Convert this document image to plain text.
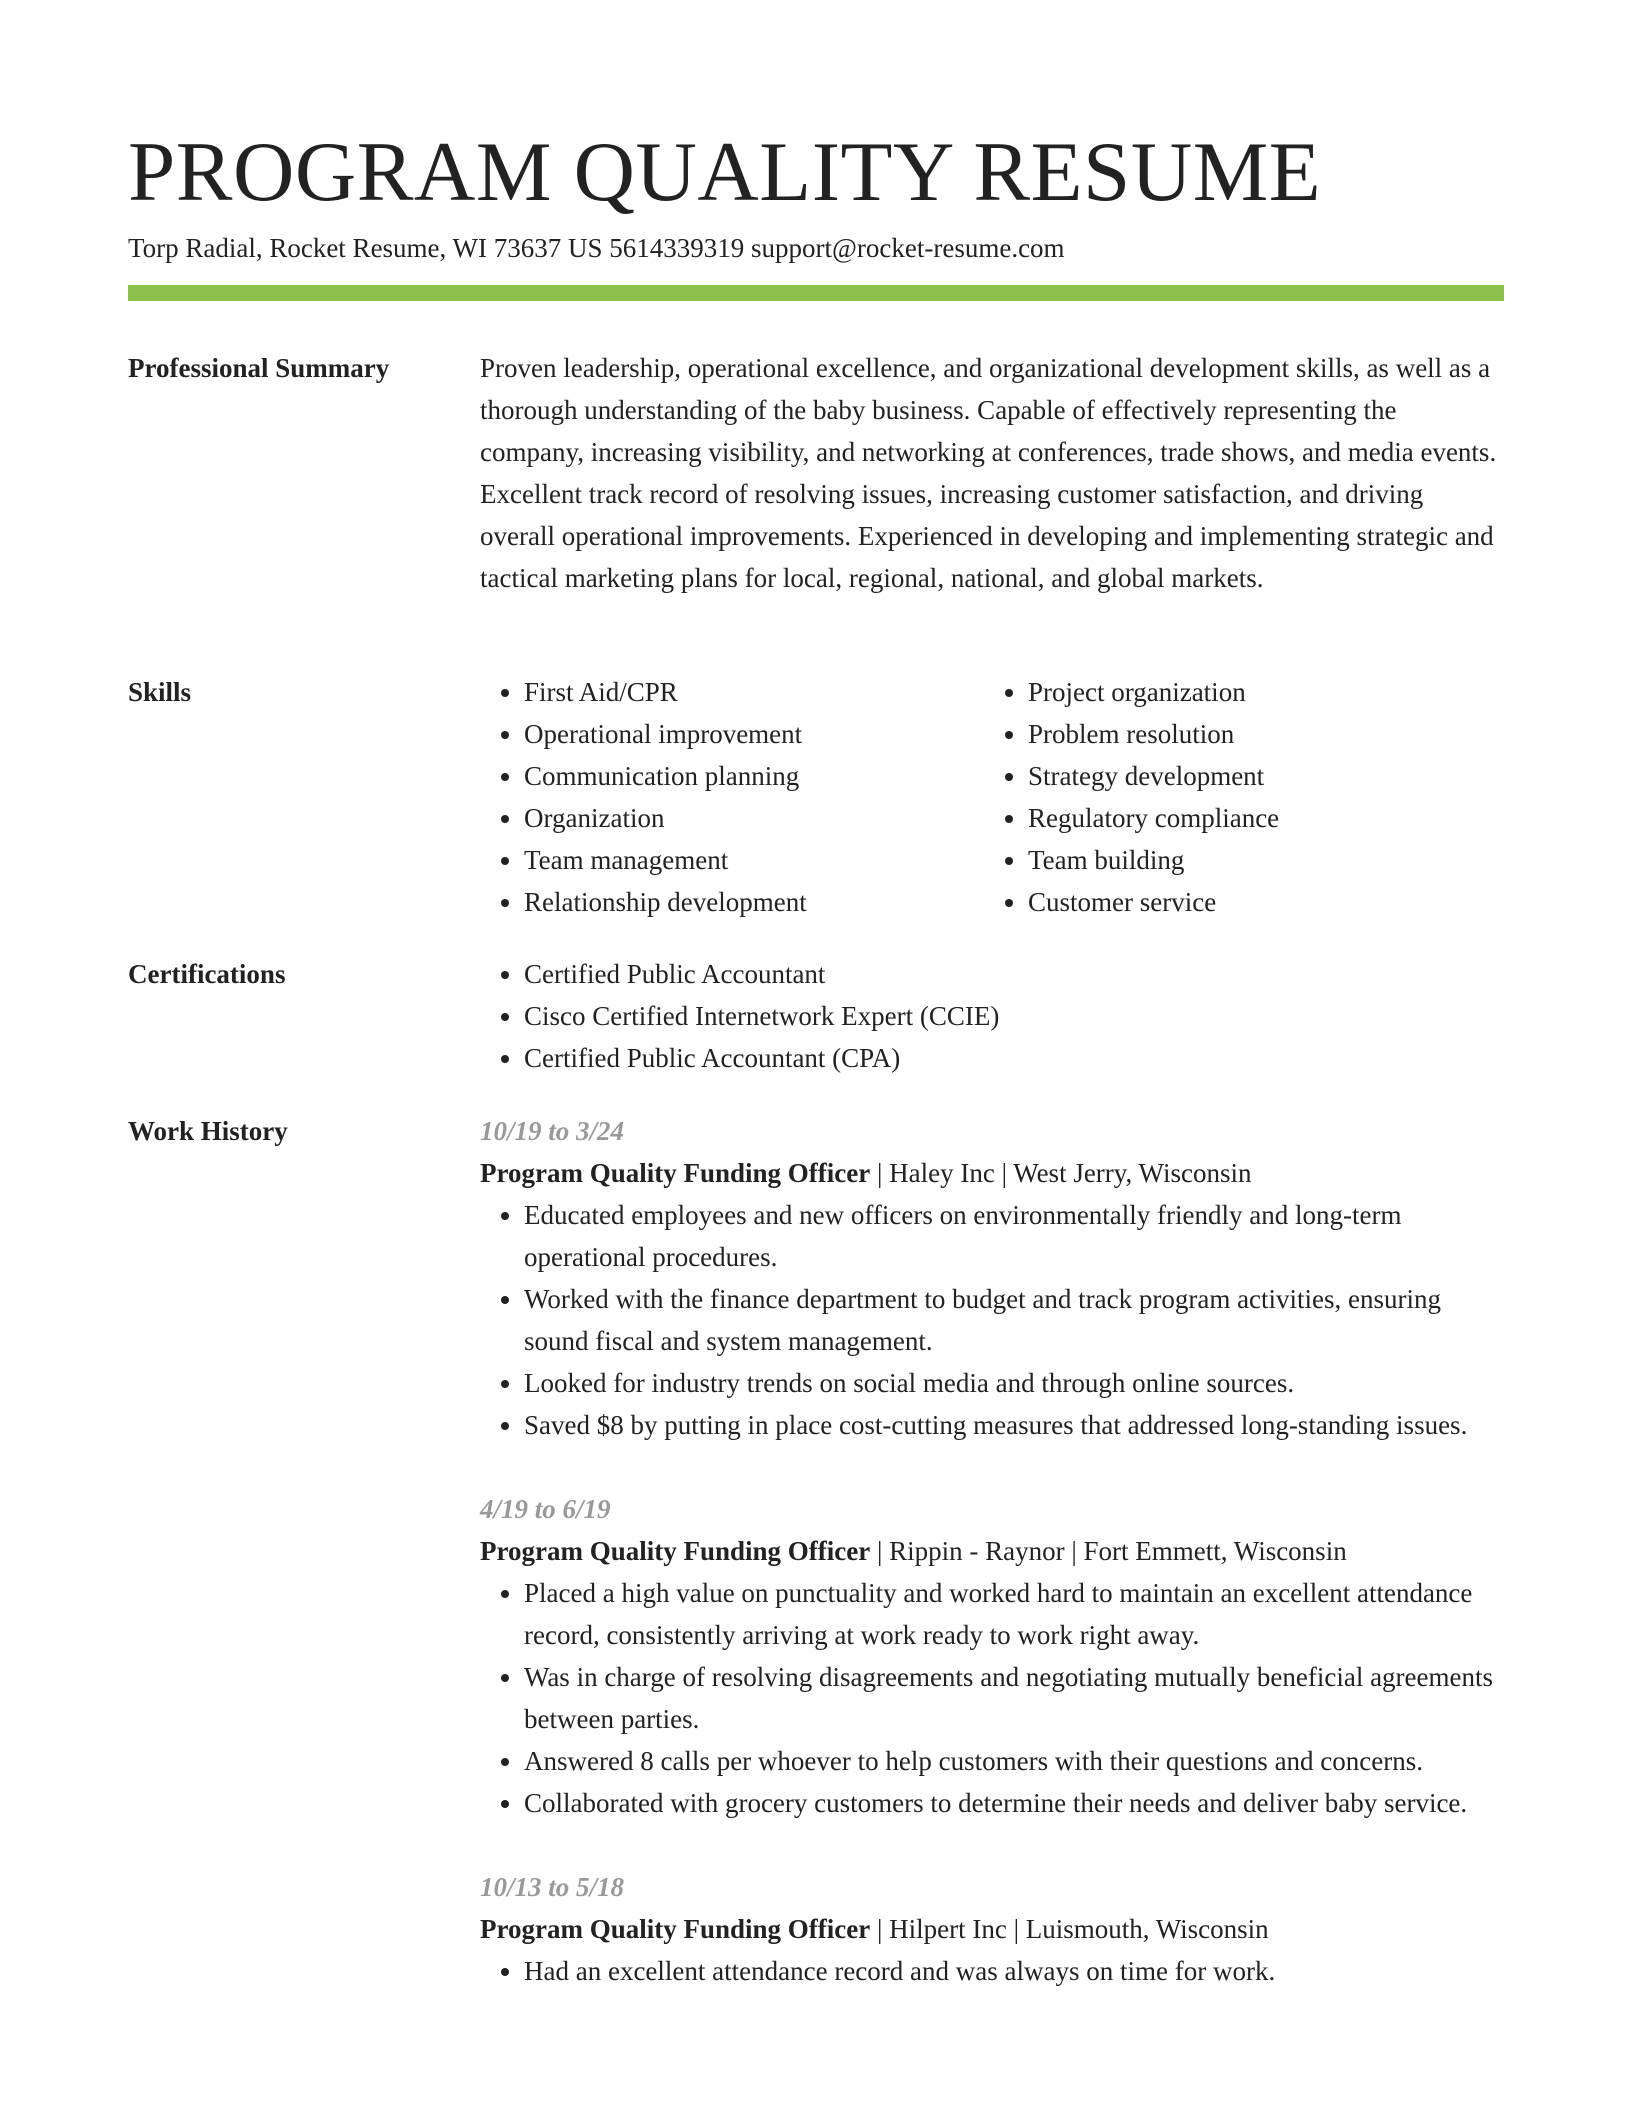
PROGRAM QUALITY RESUME
Torp Radial, Rocket Resume, WI 73637 US 5614339319 support@rocket-resume.com
Professional Summary	Proven leadership, operational excellence, and organizational development skills, as well as a thorough understanding of the baby business. Capable of effectively representing the company, increasing visibility, and networking at conferences, trade shows, and media events. Excellent track record of resolving issues, increasing customer satisfaction, and driving overall operational improvements. Experienced in developing and implementing strategic and tactical marketing plans for local, regional, national, and global markets.

Skills	• First Aid/CPR
• Operational improvement
• Communication planning
• Organization
• Team management
• Relationship development
• Project organization
• Problem resolution
• Strategy development
• Regulatory compliance
• Team building
• Customer service
Certifications	• Certified Public Accountant
• Cisco Certified Internetwork Expert (CCIE)
• Certified Public Accountant (CPA)
Work History	10/19 to 3/24

Program Quality Funding Officer | Haley Inc | West Jerry, Wisconsin

• Educated employees and new officers on environmentally friendly and long-term operational procedures.
• Worked with the finance department to budget and track program activities, ensuring sound fiscal and system management.
• Looked for industry trends on social media and through online sources.
• Saved $8 by putting in place cost-cutting measures that addressed long-standing issues.

4/19 to 6/19

Program Quality Funding Officer | Rippin - Raynor | Fort Emmett, Wisconsin

• Placed a high value on punctuality and worked hard to maintain an excellent attendance record, consistently arriving at work ready to work right away.
• Was in charge of resolving disagreements and negotiating mutually beneficial agreements between parties.
• Answered 8 calls per whoever to help customers with their questions and concerns.
• Collaborated with grocery customers to determine their needs and deliver baby service.

10/13 to 5/18

Program Quality Funding Officer | Hilpert Inc | Luismouth, Wisconsin

• Had an excellent attendance record and was always on time for work.
